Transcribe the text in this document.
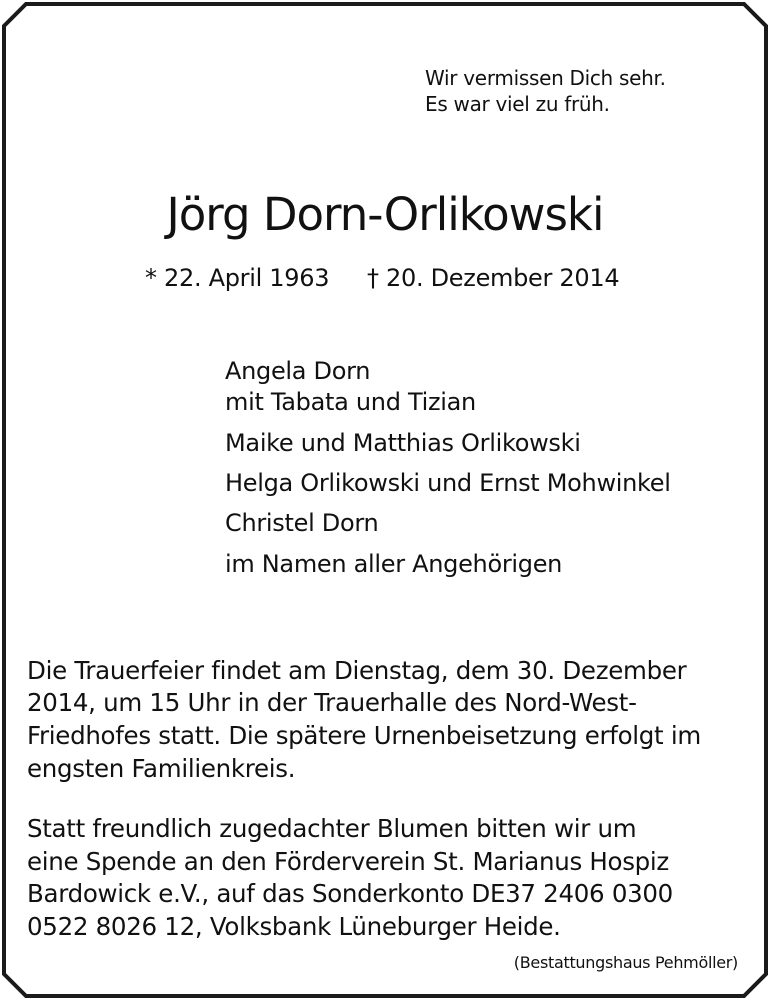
Wir vermissen Dich sehr.

Es war viel zu früh.

Jörg Dorn-Orlikowski

* 22. April 1963 † 20. Dezember 2014

Angela Dorn

mit Tabata und Tizian

Maike und Matthias Orlikowski

Helga Orlikowski und Ernst Mohwinkel

Christel Dorn

im Namen aller Angehörigen

Die Trauerfeier findet am Dienstag, dem 30. Dezember

2014, um 15 Uhr in der Trauerhalle des Nord-West-

Friedhofes statt. Die spätere Urnenbeisetzung erfolgt im

engsten Familienkreis.

Statt freundlich zugedachter Blumen bitten wir um

eine Spende an den Förderverein St. Marianus Hospiz

Bardowick e.V., auf das Sonderkonto DE37 2406 0300

0522 8026 12, Volksbank Lüneburger Heide.

(Bestattungshaus Pehmöller)
